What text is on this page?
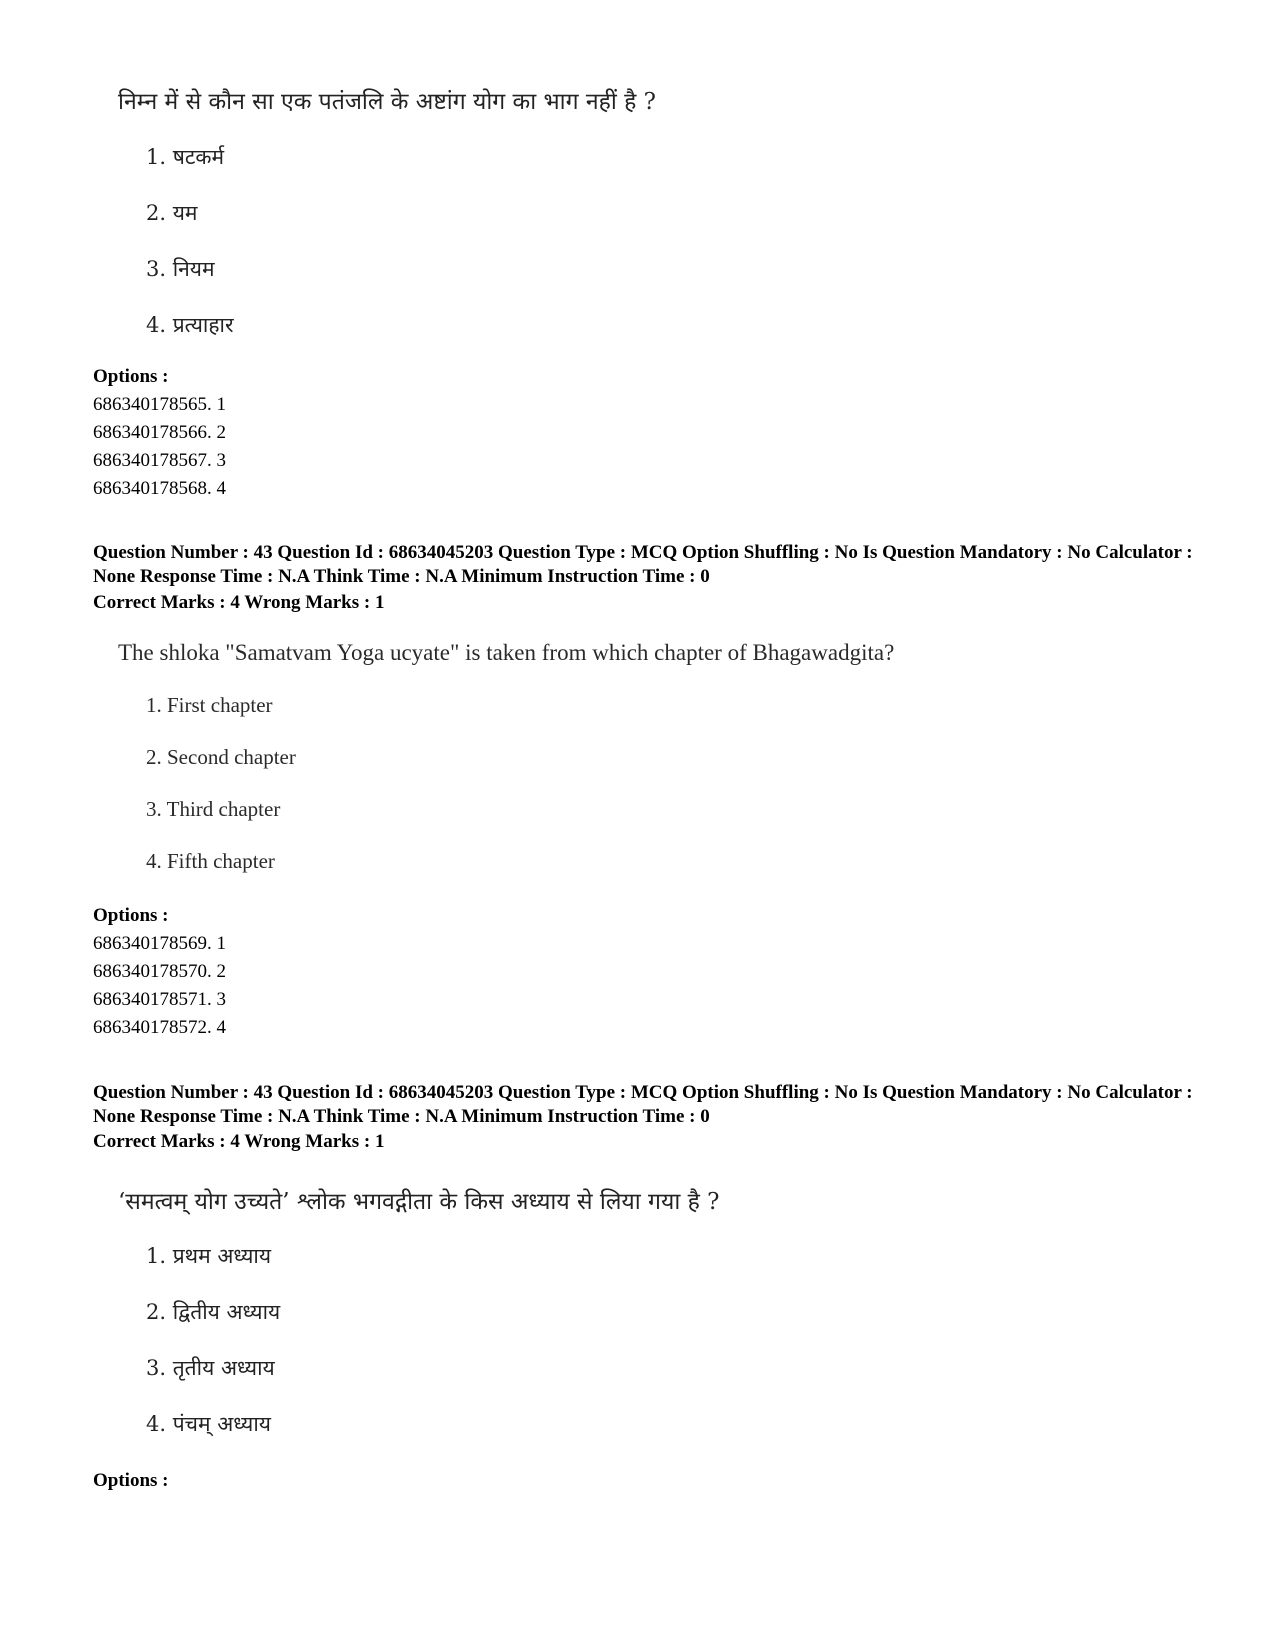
निम्न में से कौन सा एक पतंजलि के अष्टांग योग का भाग नहीं है ?
1. षटकर्म
2. यम
3. नियम
4. प्रत्याहार
Options :
686340178565. 1
686340178566. 2
686340178567. 3
686340178568. 4
Question Number : 43 Question Id : 68634045203 Question Type : MCQ Option Shuffling : No Is Question Mandatory : No Calculator : None Response Time : N.A Think Time : N.A Minimum Instruction Time : 0
Correct Marks : 4 Wrong Marks : 1
The shloka "Samatvam Yoga ucyate" is taken from which chapter of Bhagawadgita?
1. First chapter
2. Second chapter
3. Third chapter
4. Fifth chapter
Options :
686340178569. 1
686340178570. 2
686340178571. 3
686340178572. 4
Question Number : 43 Question Id : 68634045203 Question Type : MCQ Option Shuffling : No Is Question Mandatory : No Calculator : None Response Time : N.A Think Time : N.A Minimum Instruction Time : 0
Correct Marks : 4 Wrong Marks : 1
‘समत्वम् योग उच्यते’ श्लोक भगवद्गीता के किस अध्याय से लिया गया है ?
1. प्रथम अध्याय
2. द्वितीय अध्याय
3. तृतीय अध्याय
4. पंचम् अध्याय
Options :
